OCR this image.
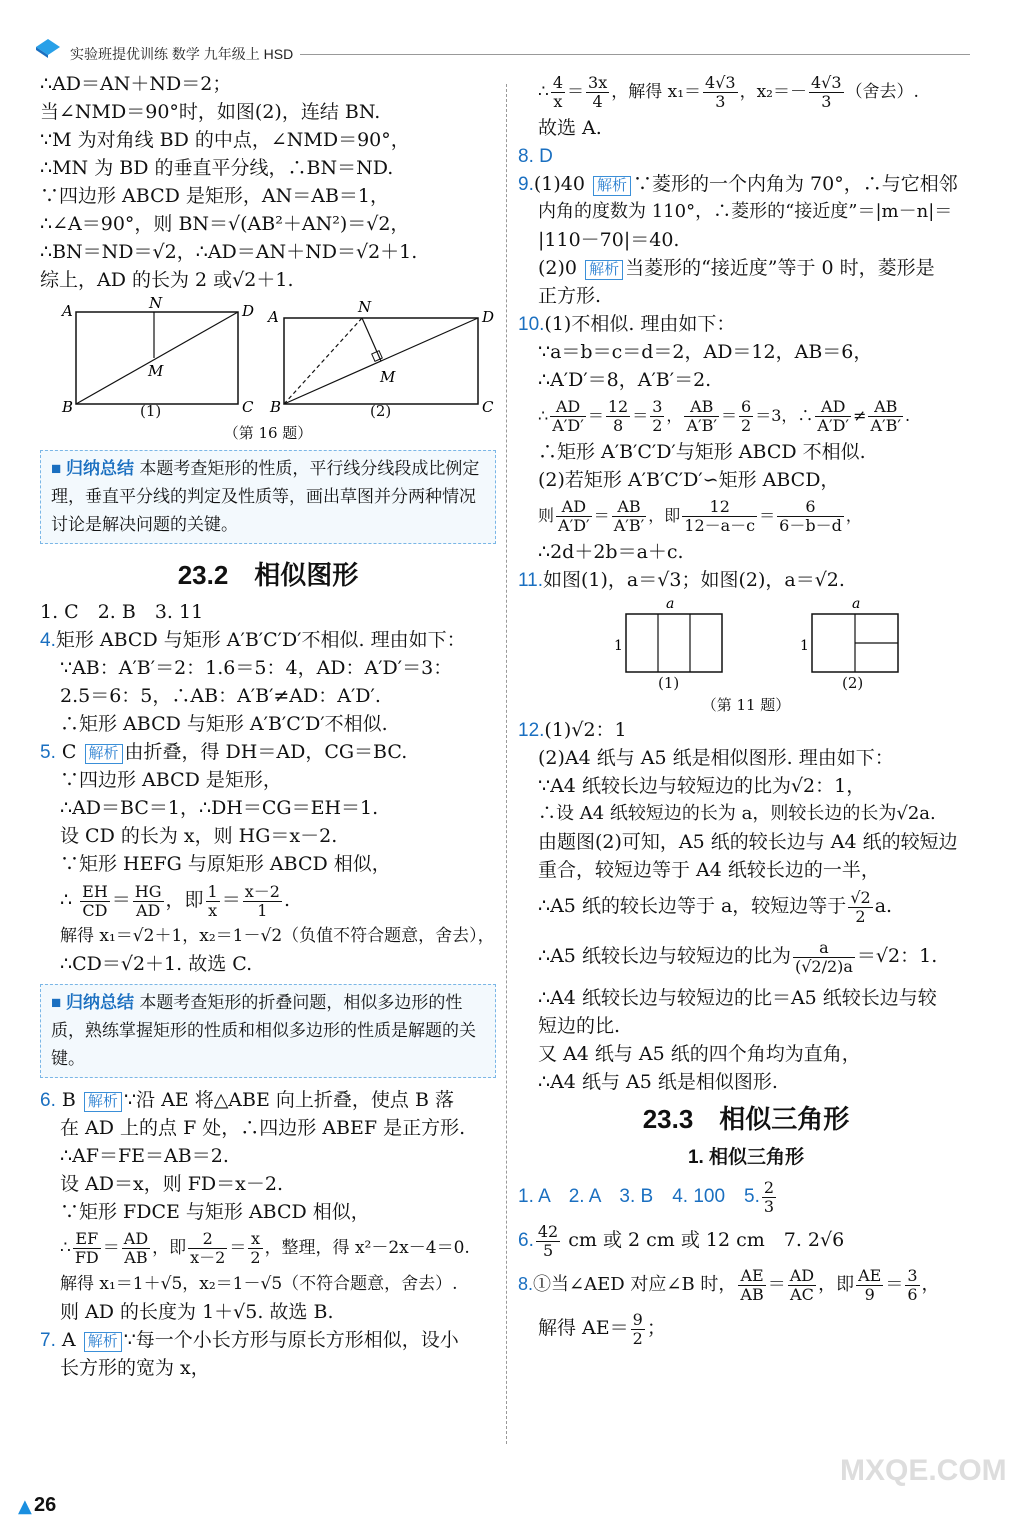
实验班提优训练 数学 九年级上 HSD
∴AD＝AN＋ND＝2；
当∠NMD＝90°时，如图(2)，连结 BN.
∵M 为对角线 BD 的中点，∠NMD＝90°，
∴MN 为 BD 的垂直平分线，∴BN＝ND.
∵四边形 ABCD 是矩形，AN＝AB＝1，
∴∠A＝90°，则 BN＝√(AB²＋AN²)＝√2，
∴BN＝ND＝√2，∴AD＝AN＋ND＝√2＋1.
综上，AD 的长为 2 或√2＋1.
A
B	C
D
N
M
A
B	C
D
N
M
(1)	(2)
（第 16 题）
■ 归纳总结 本题考查矩形的性质，平行线分线段成比例定理，垂直平分线的判定及性质等，画出草图并分两种情况讨论是解决问题的关键。
23.2　相似图形
1. C　2. B　3. 11
4.矩形 ABCD 与矩形 A′B′C′D′不相似. 理由如下：
∵AB：A′B′＝2：1.6＝5：4，AD：A′D′＝3：
2.5＝6：5，∴AB：A′B′≠AD：A′D′.
∴矩形 ABCD 与矩形 A′B′C′D′不相似.
5. C 解析 由折叠，得 DH＝AD，CG＝BC.
∵四边形 ABCD 是矩形，
∴AD＝BC＝1，∴DH＝CG＝EH＝1.
设 CD 的长为 x，则 HG＝x－2.
∵矩形 HEFG 与原矩形 ABCD 相似，
∴ $\frac{EH}{CD} = \frac{HG}{AD}$ ，即 $\frac{1}{x} = \frac{x-2}{1}$ .
解得 x₁＝√2＋1，x₂＝1－√2（负值不符合题意，舍去），
∴CD＝√2＋1. 故选 C.
■ 归纳总结 本题考查矩形的折叠问题，相似多边形的性质，熟练掌握矩形的性质和相似多边形的性质是解题的关键。
6. B 解析 ∵沿 AE 将△ABE 向上折叠，使点 B 落
在 AD 上的点 F 处，∴四边形 ABEF 是正方形.
∴AF＝FE＝AB＝2.
设 AD＝x，则 FD＝x－2.
∵矩形 FDCE 与矩形 ABCD 相似，
∴ $\frac{EF}{FD} = \frac{AD}{AB}$ ，即 $\frac{2}{x-2} = \frac{x}{2}$ ，整理，得 x²－2x－4＝0.
解得 x₁＝1＋√5，x₂＝1－√5（不符合题意，舍去）.
则 AD 的长度为 1＋√5. 故选 B.
7. A 解析 ∵每一个小长方形与原长方形相似，设小
长方形的宽为 x，
∴ $\frac{4}{x} = \frac{3x}{4}$ ，解得 $x_1= \frac{4√3}{3}$ ，$x_2=- \frac{4√3}{3}$ （舍去）.
故选 A.
8. D
9.(1)40 解析 ∵菱形的一个内角为 70°，∴与它相邻
内角的度数为 110°，∴菱形的“接近度”＝|m－n|＝
|110－70|＝40.
(2)0 解析 当菱形的“接近度”等于 0 时，菱形是
正方形.
10.(1)不相似. 理由如下：
∵a＝b＝c＝d＝2，AD＝12，AB＝6，
∴A′D′＝8，A′B′＝2.
∴ $\frac{AD}{A'D'} = \frac{12}{8} = \frac{3}{2}$ ， $\frac{AB}{A'B'} = \frac{6}{2} =3$，∴ $\frac{AD}{A'D'} \ne \frac{AB}{A'B'}$ .
∴矩形 A′B′C′D′与矩形 ABCD 不相似.
(2)若矩形 A′B′C′D′∽矩形 ABCD，
则 $\frac{AD}{A'D'} = \frac{AB}{A'B'}$ ，即 $\frac{12}{12-a-c} = \frac{6}{6-b-d}$ ，
∴2d＋2b＝a＋c.
11.如图(1)，a＝√3；如图(2)，a＝√2.
a
1
a
1
(1)	(2)
（第 11 题）
12.(1)√2：1
(2)A4 纸与 A5 纸是相似图形. 理由如下：
∵A4 纸较长边与较短边的比为√2：1，
∴设 A4 纸较短边的长为 a，则较长边的长为√2a.
由题图(2)可知，A5 纸的较长边与 A4 纸的较短边
重合，较短边等于 A4 纸较长边的一半，
∴A5 纸的较长边等于 a，较短边等于 $\frac{√2}{2} a$.
∴A5 纸较长边与较短边的比为 $\frac{a}{(√2/2)a} =√2$：1.
∴A4 纸较长边与较短边的比＝A5 纸较长边与较
短边的比.
又 A4 纸与 A5 纸的四个角均为直角，
∴A4 纸与 A5 纸是相似图形.
23.3　相似三角形
1. 相似三角形
1. A　2. A　3. B　4. 100　5. $\frac{2}{3}$
6. $\frac{42}{5}$ cm 或 2 cm 或 12 cm　7. 2√6
8.①当∠AED 对应∠B 时， $\frac{AE}{AB} = \frac{AD}{AC}$ ，即 $\frac{AE}{9} = \frac{3}{6}$ ，
解得 $AE= \frac{9}{2}$ ；
▲ 26
MXQE.COM
